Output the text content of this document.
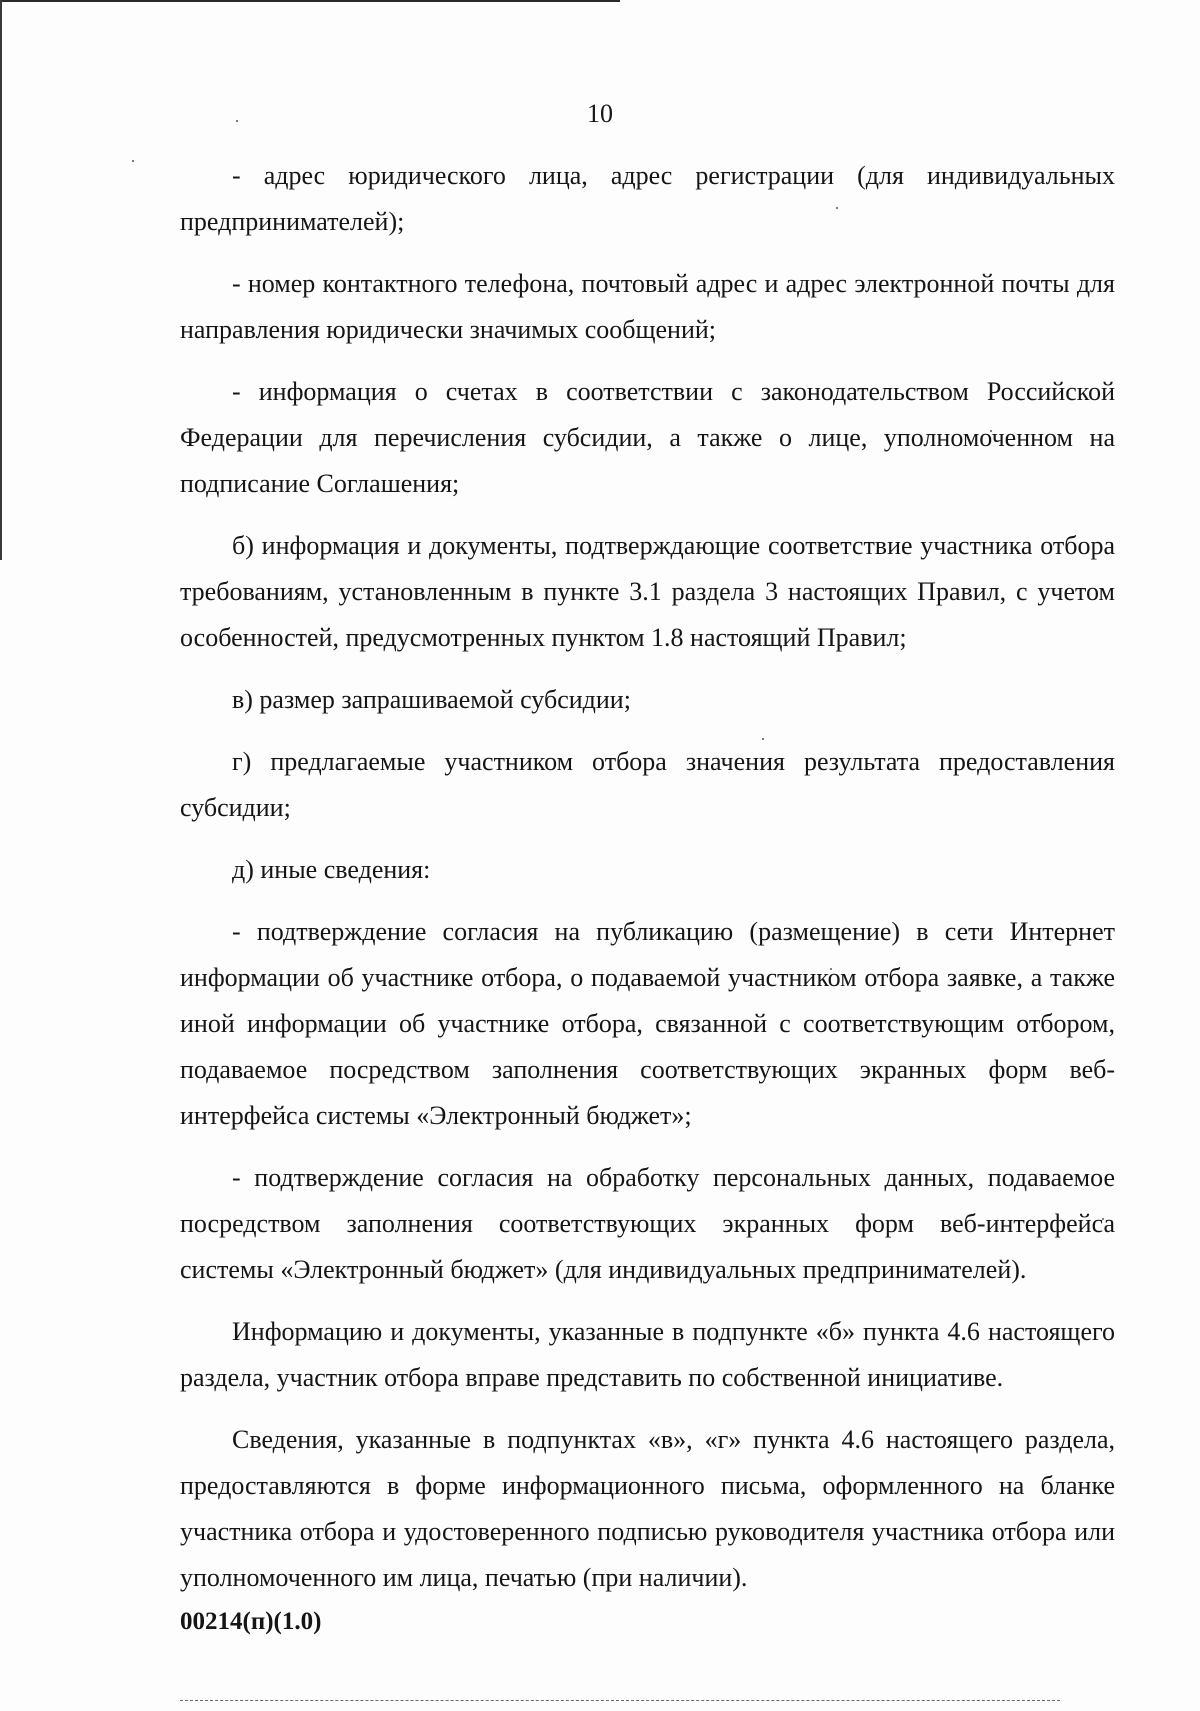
10

- адрес юридического лица, адрес регистрации (для индивидуальных предпринимателей);

- номер контактного телефона, почтовый адрес и адрес электронной почты для направления юридически значимых сообщений;

- информация о счетах в соответствии с законодательством Российской Федерации для перечисления субсидии, а также о лице, уполномоченном на подписание Соглашения;

б) информация и документы, подтверждающие соответствие участника отбора требованиям, установленным в пункте 3.1 раздела 3 настоящих Правил, с учетом особенностей, предусмотренных пунктом 1.8 настоящий Правил;

в) размер запрашиваемой субсидии;

г) предлагаемые участником отбора значения результата предоставления субсидии;

д) иные сведения:

- подтверждение согласия на публикацию (размещение) в сети Интернет информации об участнике отбора, о подаваемой участником отбора заявке, а также иной информации об участнике отбора, связанной с соответствующим отбором, подаваемое посредством заполнения соответствующих экранных форм веб-интерфейса системы «Электронный бюджет»;

- подтверждение согласия на обработку персональных данных, подаваемое посредством заполнения соответствующих экранных форм веб-интерфейса системы «Электронный бюджет» (для индивидуальных предпринимателей).

Информацию и документы, указанные в подпункте «б» пункта 4.6 настоящего раздела, участник отбора вправе представить по собственной инициативе.

Сведения, указанные в подпунктах «в», «г» пункта 4.6 настоящего раздела, предоставляются в форме информационного письма, оформленного на бланке участника отбора и удостоверенного подписью руководителя участника отбора или уполномоченного им лица, печатью (при наличии).

00214(п)(1.0)
